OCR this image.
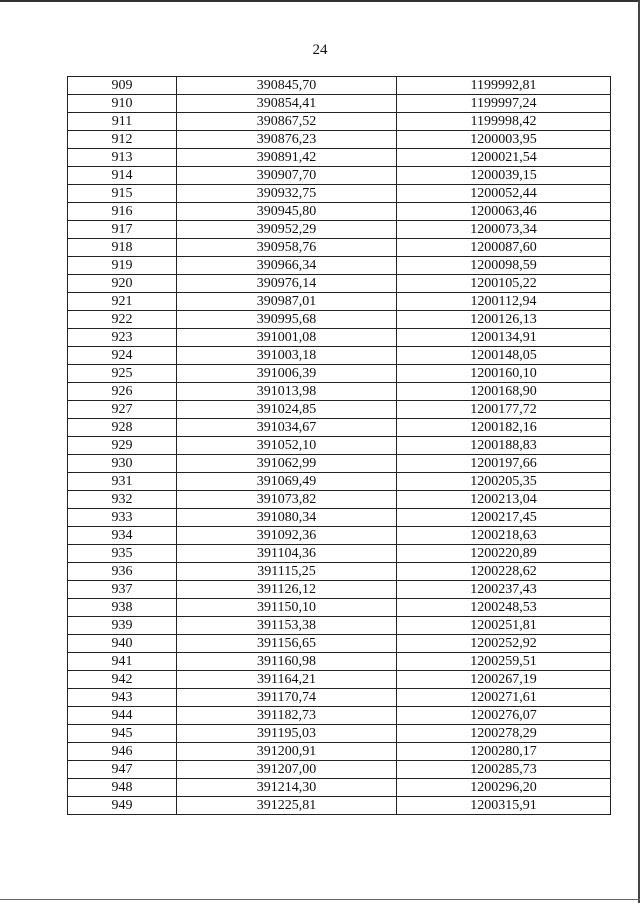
24
909	390845,70	1199992,81
910	390854,41	1199997,24
911	390867,52	1199998,42
912	390876,23	1200003,95
913	390891,42	1200021,54
914	390907,70	1200039,15
915	390932,75	1200052,44
916	390945,80	1200063,46
917	390952,29	1200073,34
918	390958,76	1200087,60
919	390966,34	1200098,59
920	390976,14	1200105,22
921	390987,01	1200112,94
922	390995,68	1200126,13
923	391001,08	1200134,91
924	391003,18	1200148,05
925	391006,39	1200160,10
926	391013,98	1200168,90
927	391024,85	1200177,72
928	391034,67	1200182,16
929	391052,10	1200188,83
930	391062,99	1200197,66
931	391069,49	1200205,35
932	391073,82	1200213,04
933	391080,34	1200217,45
934	391092,36	1200218,63
935	391104,36	1200220,89
936	391115,25	1200228,62
937	391126,12	1200237,43
938	391150,10	1200248,53
939	391153,38	1200251,81
940	391156,65	1200252,92
941	391160,98	1200259,51
942	391164,21	1200267,19
943	391170,74	1200271,61
944	391182,73	1200276,07
945	391195,03	1200278,29
946	391200,91	1200280,17
947	391207,00	1200285,73
948	391214,30	1200296,20
949	391225,81	1200315,91
